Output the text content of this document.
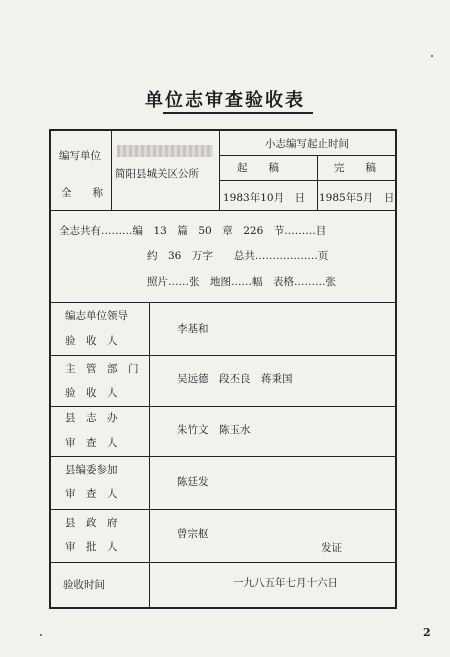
单位志审查验收表
编写单位
全　　称
简阳县城关区公所
小志编写起止时间
起　　稿	完　　稿
1983年10月　日 1985年5月　日
全志共有………编　13　篇　50　章　226　节………目
约　36　万字　　总共………………页
照片……张　地图……幅　表格………张
编志单位领导
验　收　人
李基和
主　管　部　门
验　收　人
吴远德　段丕良　蒋秉国
县　志　办
审　查　人
朱竹文　陈玉水
县编委参加
审　查　人
陈廷发
县　政　府
审　批　人
曾宗枢
发证
验收时间	一九八五年七月十六日
2
